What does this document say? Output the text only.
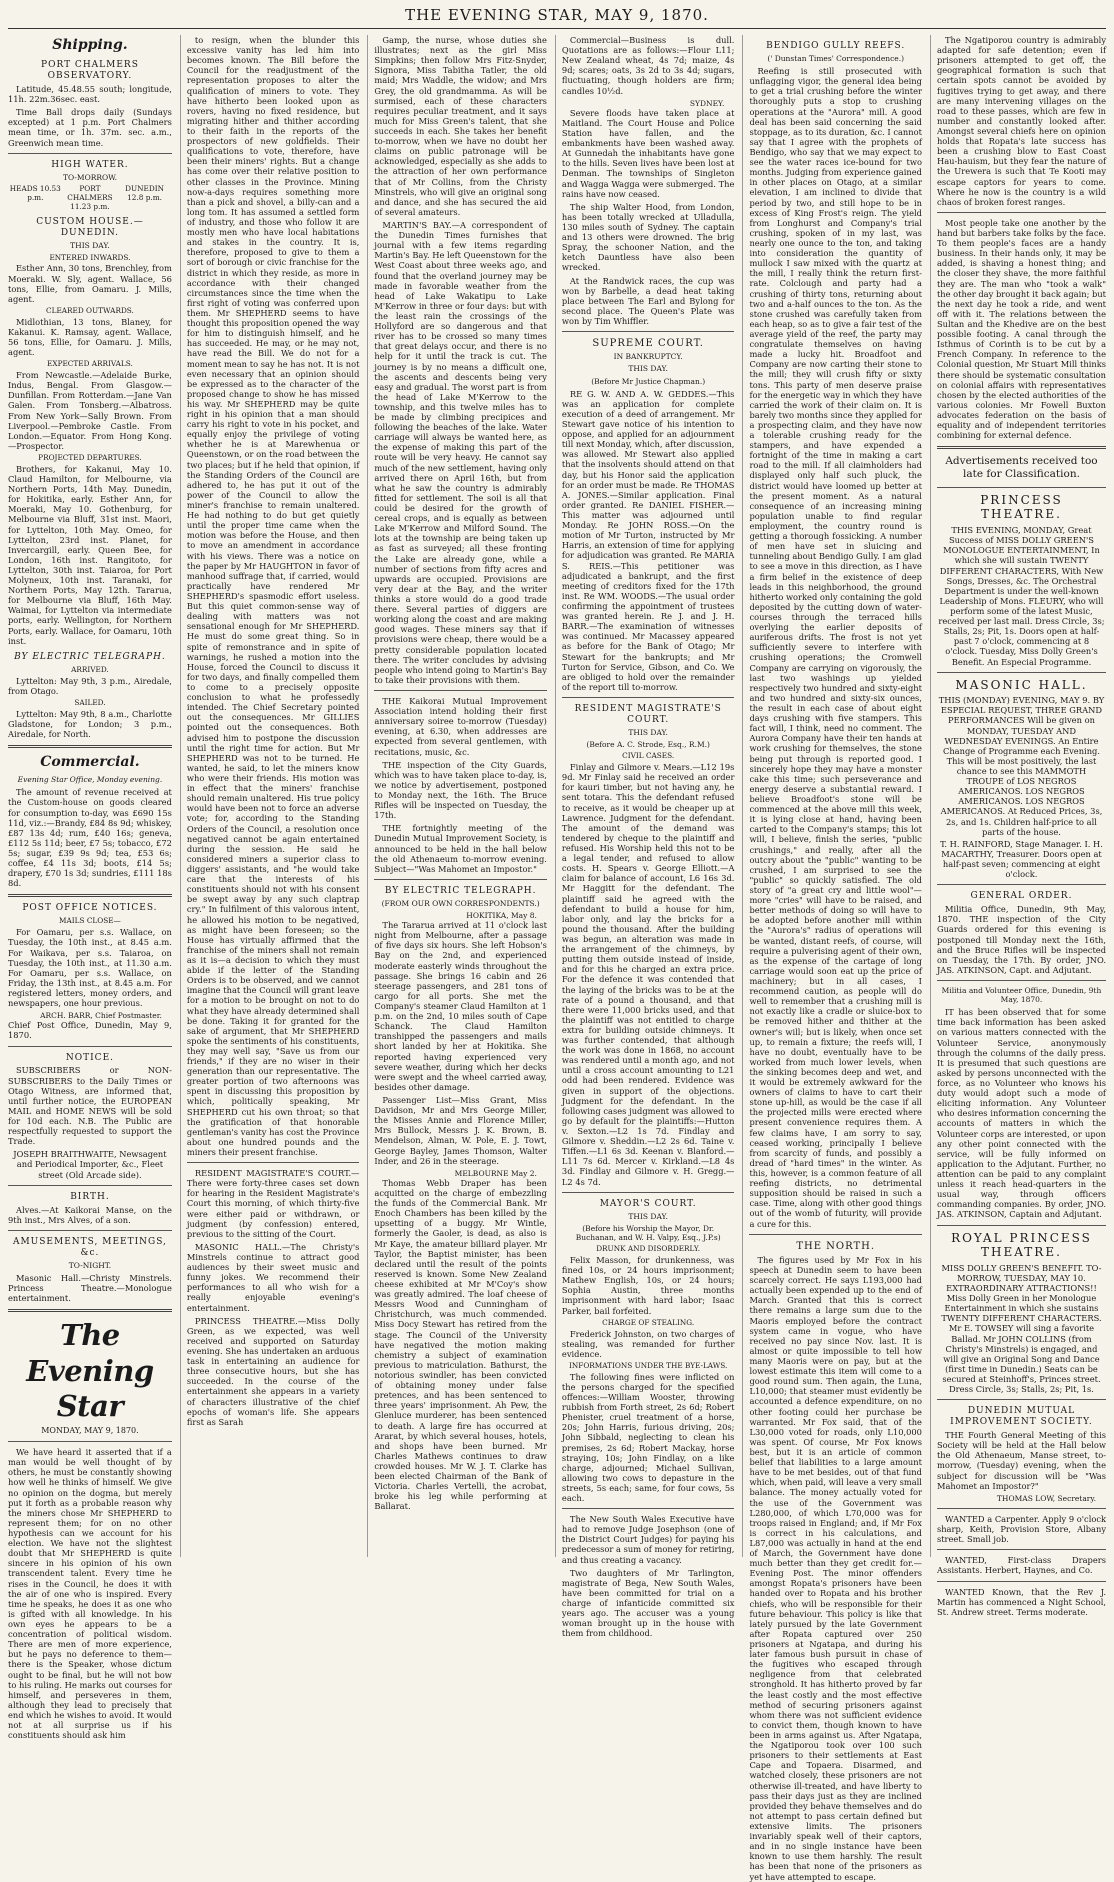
THE EVENING STAR, MAY 9, 1870.
Shipping.
PORT CHALMERS OBSERVATORY.

Latitude, 45.48.55 south; longitude, 11h. 22m.36sec. east.

Time Ball drops daily (Sundays excepted) at 1 p.m. Port Chalmers mean time, or 1h. 37m. sec. a.m., Greenwich mean time.

HIGH WATER.
TO-MORROW.
HEADS 10.53 p.m.
PORT CHALMERS 11.23 p.m.
DUNEDIN 12.8 p.m.
CUSTOM HOUSE.—DUNEDIN.
THIS DAY.
ENTERED INWARDS.

Esther Ann, 30 tons, Brenchley, from Moeraki. W. Sly, agent. Wallace, 56 tons, Ellie, from Oamaru. J. Mills, agent.

CLEARED OUTWARDS.

Midlothian, 13 tons, Blaney, for Kakanui. K. Ramsay, agent. Wallace, 56 tons, Ellie, for Oamaru. J. Mills, agent.

EXPECTED ARRIVALS.

From Newcastle.—Adelaide Burke, Indus, Bengal. From Glasgow.—Dunfillan. From Rotterdam.—Jane Van Galen. From Tonsberg.—Albatross. From New York—Sally Brown. From Liverpool.—Pembroke Castle. From London.—Equator. From Hong Kong.—Prospector.

PROJECTED DEPARTURES.

Brothers, for Kakanui, May 10. Claud Hamilton, for Melbourne, via Northern Ports, 14th May. Dunedin, for Hokitika, early. Esther Ann, for Moeraki, May 10. Gothenburg, for Melbourne via Bluff, 31st inst. Maori, for Lyttelton, 10th May. Omeo, for Lyttelton, 23rd inst. Planet, for Invercargill, early. Queen Bee, for London, 16th inst. Rangitoto, for Lyttelton, 30th inst. Taiaroa, for Port Molyneux, 10th inst. Taranaki, for Northern Ports, May 12th. Tararua, for Melbourne via Bluff, 16th May. Waimai, for Lyttelton via intermediate ports, early. Wellington, for Northern Ports, early. Wallace, for Oamaru, 10th inst.

BY ELECTRIC TELEGRAPH.
ARRIVED.

Lyttelton: May 9th, 3 p.m., Airedale, from Otago.

SAILED.

Lyttelton: May 9th, 8 a.m., Charlotte Gladstone, for London; 3 p.m., Airedale, for North.

Commercial.
Evening Star Office, Monday evening.

The amount of revenue received at the Custom-house on goods cleared for consumption to-day, was £690 15s 11d, viz.:—Brandy, £84 8s 9d; whiskey, £87 13s 4d; rum, £40 16s; geneva, £112 5s 11d; beer, £7 5s; tobacco, £72 5s; sugar, £39 9s 9d; tea, £53 6s; coffee, £4 11s 3d; boots, £14 5s; drapery, £70 1s 3d; sundries, £111 18s 8d.

POST OFFICE NOTICES.
MAILS CLOSE—

For Oamaru, per s.s. Wallace, on Tuesday, the 10th inst., at 8.45 a.m. For Waikava, per s.s. Taiaroa, on Tuesday, the 10th inst., at 11.30 a.m. For Oamaru, per s.s. Wallace, on Friday, the 13th inst., at 8.45 a.m. For registered letters, money orders, and newspapers, one hour previous.

ARCH. BARR, Chief Postmaster.

Chief Post Office, Dunedin, May 9, 1870.

NOTICE.

SUBSCRIBERS or NON-SUBSCRIBERS to the Daily Times or Otago Witness, are informed that, until further notice, the EUROPEAN MAIL and HOME NEWS will be sold for 10d each. N.B. The Public are respectfully requested to support the Trade.

JOSEPH BRAITHWAITE, Newsagent and Periodical Importer, &c., Fleet street (Old Arcade side).
BIRTH.

Alves.—At Kaikorai Manse, on the 9th inst., Mrs Alves, of a son.

AMUSEMENTS, MEETINGS, &c.
TO-NIGHT.

Masonic Hall.—Christy Minstrels. Princess Theatre.—Monologue entertainment.

The Evening Star
MONDAY, MAY 9, 1870.

We have heard it asserted that if a man would be well thought of by others, he must be constantly showing how well he thinks of himself. We give no opinion on the dogma, but merely put it forth as a probable reason why the miners chose Mr SHEPHERD to represent them; for on no other hypothesis can we account for his election. We have not the slightest doubt that Mr SHEPHERD is quite sincere in his opinion of his own transcendent talent. Every time he rises in the Council, he does it with the air of one who is inspired. Every time he speaks, he does it as one who is gifted with all knowledge. In his own eyes he appears to be a concentration of political wisdom. There are men of more experience, but he pays no deference to them—there is the Speaker, whose dictum ought to be final, but he will not bow to his ruling. He marks out courses for himself, and perseveres in them, although they lead to precisely that end which he wishes to avoid. It would not at all surprise us if his constituents should ask him

to resign, when the blunder this excessive vanity has led him into becomes known. The Bill before the Council for the readjustment of the representation proposes to alter the qualification of miners to vote. They have hitherto been looked upon as rovers, having no fixed residence, but migrating hither and thither according to their faith in the reports of the prospectors of new goldfields. Their qualifications to vote, therefore, have been their miners' rights. But a change has come over their relative position to other classes in the Province. Mining now-a-days requires something more than a pick and shovel, a billy-can and a long tom. It has assumed a settled form of industry, and those who follow it are mostly men who have local habitations and stakes in the country. It is, therefore, proposed to give to them a sort of borough or civic franchise for the district in which they reside, as more in accordance with their changed circumstances since the time when the first right of voting was conferred upon them. Mr SHEPHERD seems to have thought this proposition opened the way for him to distinguish himself, and he has succeeded. He may, or he may not, have read the Bill. We do not for a moment mean to say he has not. It is not even necessary that an opinion should be expressed as to the character of the proposed change to show he has missed his way. Mr SHEPHERD may be quite right in his opinion that a man should carry his right to vote in his pocket, and equally enjoy the privilege of voting whether he is at Marewhenua or Queenstown, or on the road between the two places; but if he held that opinion, if the Standing Orders of the Council are adhered to, he has put it out of the power of the Council to allow the miner's franchise to remain unaltered. He had nothing to do but get quietly until the proper time came when the motion was before the House, and then to move an amendment in accordance with his views. There was a notice on the paper by Mr HAUGHTON in favor of manhood suffrage that, if carried, would practically have rendered Mr SHEPHERD's spasmodic effort useless. But this quiet common-sense way of dealing with matters was not sensational enough for Mr SHEPHERD. He must do some great thing. So in spite of remonstrance and in spite of warnings, he rushed a motion into the House, forced the Council to discuss it for two days, and finally compelled them to come to a precisely opposite conclusion to what he professedly intended. The Chief Secretary pointed out the consequences. Mr GILLIES pointed out the consequences. Both advised him to postpone the discussion until the right time for action. But Mr SHEPHERD was not to be turned. He wanted, he said, to let the miners know who were their friends. His motion was in effect that the miners' franchise should remain unaltered. His true policy would have been not to force an adverse vote; for, according to the Standing Orders of the Council, a resolution once negatived cannot be again entertained during the session. He said he considered miners a superior class to diggers' assistants, and "he would take care that the interests of his constituents should not with his consent be swept away by any such claptrap cry." In fulfilment of this valorous intent, he allowed his motion to be negatived, as might have been foreseen; so the House has virtually affirmed that the franchise of the miners shall not remain as it is—a decision to which they must abide if the letter of the Standing Orders is to be observed, and we cannot imagine that the Council will grant leave for a motion to be brought on not to do what they have already determined shall be done. Taking it for granted for the sake of argument, that Mr SHEPHERD spoke the sentiments of his constituents, they may well say, "Save us from our friends," if they are no wiser in their generation than our representative. The greater portion of two afternoons was spent in discussing this proposition by which, politically speaking, Mr SHEPHERD cut his own throat; so that the gratification of that honorable gentleman's vanity has cost the Province about one hundred pounds and the miners their present franchise.

RESIDENT MAGISTRATE'S COURT.—There were forty-three cases set down for hearing in the Resident Magistrate's Court this morning, of which thirty-five were either paid or withdrawn, or judgment (by confession) entered, previous to the sitting of the Court.

MASONIC HALL.—The Christy's Minstrels continue to attract good audiences by their sweet music and funny jokes. We recommend their performances to all who wish for a really enjoyable evening's entertainment.

PRINCESS THEATRE.—Miss Dolly Green, as we expected, was well received and supported on Saturday evening. She has undertaken an arduous task in entertaining an audience for three consecutive hours, but she has succeeded. In the course of the entertainment she appears in a variety of characters illustrative of the chief epochs of woman's life. She appears first as Sarah

Gamp, the nurse, whose duties she illustrates; next as the girl Miss Simpkins; then follow Mrs Fitz-Snyder, Signora, Miss Tabitha Tatler, the old maid; Mrs Waddle, the widow; and Mrs Grey, the old grandmamma. As will be surmised, each of these characters requires peculiar treatment, and it says much for Miss Green's talent, that she succeeds in each. She takes her benefit to-morrow, when we have no doubt her claims on public patronage will be acknowledged, especially as she adds to the attraction of her own performance that of Mr Collins, from the Christy Minstrels, who will give an original song and dance, and she has secured the aid of several amateurs.

MARTIN'S BAY.—A correspondent of the Dunedin Times furnishes that journal with a few items regarding Martin's Bay. He left Queenstown for the West Coast about three weeks ago, and found that the overland journey may be made in favorable weather from the head of Lake Wakatipu to Lake M'Kerrow in three or four days: but with the least rain the crossings of the Hollyford are so dangerous and that river has to be crossed so many times that great delays occur, and there is no help for it until the track is cut. The journey is by no means a difficult one, the ascents and descents being very easy and gradual. The worst part is from the head of Lake M'Kerrow to the township, and this twelve miles has to be made by climbing precipices and following the beaches of the lake. Water carriage will always be wanted here, as the expense of making this part of the route will be very heavy. He cannot say much of the new settlement, having only arrived there on April 16th, but from what he saw the country is admirably fitted for settlement. The soil is all that could be desired for the growth of cereal crops, and is equally as between Lake M'Kerrow and Milford Sound. The lots at the township are being taken up as fast as surveyed; all these fronting the Lake are already gone, while a number of sections from fifty acres and upwards are occupied. Provisions are very dear at the Bay, and the writer thinks a store would do a good trade there. Several parties of diggers are working along the coast and are making good wages. These miners say that if provisions were cheap, there would be a pretty considerable population located there. The writer concludes by advising people who intend going to Martin's Bay to take their provisions with them.

THE Kaikorai Mutual Improvement Association intend holding their first anniversary soiree to-morrow (Tuesday) evening, at 6.30, when addresses are expected from several gentlemen, with recitations, music, &c.

THE inspection of the City Guards, which was to have taken place to-day, is, we notice by advertisement, postponed to Monday next, the 16th. The Bruce Rifles will be inspected on Tuesday, the 17th.

THE fortnightly meeting of the Dunedin Mutual Improvement Society, is announced to be held in the hall below the old Athenaeum to-morrow evening. Subject—"Was Mahomet an Impostor."

BY ELECTRIC TELEGRAPH.
(FROM OUR OWN CORRESPONDENTS.)
HOKITIKA, May 8.

The Tararua arrived at 11 o'clock last night from Melbourne, after a passage of five days six hours. She left Hobson's Bay on the 2nd, and experienced moderate easterly winds throughout the passage. She brings 16 cabin and 26 steerage passengers, and 281 tons of cargo for all ports. She met the Company's steamer Claud Hamilton at 1 p.m. on the 2nd, 10 miles south of Cape Schanck. The Claud Hamilton transhipped the passengers and mails short landed by her at Hokitika. She reported having experienced very severe weather, during which her decks were swept and the wheel carried away, besides other damage.

Passenger List—Miss Grant, Miss Davidson, Mr and Mrs George Miller, the Misses Annie and Florence Miller, Mrs Bullock, Messrs J. K. Brown, B. Mendelson, Alman, W. Pole, E. J. Towt, George Bayley, James Thomson, Walter Inder, and 26 in the steerage.

MELBOURNE May 2.

Thomas Webb Draper has been acquitted on the charge of embezzling the funds of the Commercial Bank. Mr Enoch Chambers has been killed by the upsetting of a buggy. Mr Wintle, formerly the Gaoler, is dead, as also is Mr Kaye, the amateur billiard player. Mr Taylor, the Baptist minister, has been declared until the result of the points reserved is known. Some New Zealand cheese exhibited at Mr M'Coy's show was greatly admired. The loaf cheese of Messrs Wood and Cunningham of Christchurch, was much commended. Miss Docy Stewart has retired from the stage. The Council of the University have negatived the motion making chemistry a subject of examination previous to matriculation. Bathurst, the notorious swindler, has been convicted of obtaining money under false pretences, and has been sentenced to three years' imprisonment. Ah Pew, the Glenluce murderer, has been sentenced to death. A large fire has occurred at Ararat, by which several houses, hotels, and shops have been burned. Mr Charles Mathews continues to draw crowded houses. Mr W. J. T. Clarke has been elected Chairman of the Bank of Victoria. Charles Vertelli, the acrobat, broke his leg while performing at Ballarat.

Commercial—Business is dull. Quotations are as follows:—Flour L11; New Zealand wheat, 4s 7d; maize, 4s 9d; scares; oats, 3s 2d to 3s 4d; sugars, fluctuating, though holders are firm; candles 10½d.

SYDNEY.

Severe floods have taken place at Maitland. The Court House and Police Station have fallen, and the embankments have been washed away. At Gunnedah the inhabitants have gone to the hills. Seven lives have been lost at Denman. The townships of Singleton and Wagga Wagga were submerged. The rains have now ceased.

The ship Walter Hood, from London, has been totally wrecked at Ulladulla, 130 miles south of Sydney. The captain and 13 others were drowned. The brig Spray, the schooner Nation, and the ketch Dauntless have also been wrecked.

At the Randwick races, the cup was won by Barbelle, a dead heat taking place between The Earl and Bylong for second place. The Queen's Plate was won by Tim Whiffler.

SUPREME COURT.
IN BANKRUPTCY.
THIS DAY.
(Before Mr Justice Chapman.)

RE G. W. AND A. W. GEDDES.—This was an application for complete execution of a deed of arrangement. Mr Stewart gave notice of his intention to oppose, and applied for an adjournment till next Monday, which, after discussion, was allowed. Mr Stewart also applied that the insolvents should attend on that day, but his Honor said the application for an order must be made. Re THOMAS A. JONES.—Similar application. Final order granted. Re DANIEL FISHER.—This matter was adjourned until Monday. Re JOHN ROSS.—On the motion of Mr Turton, instructed by Mr Harris, an extension of time for applying for adjudication was granted. Re MARIA S. REIS.—This petitioner was adjudicated a bankrupt, and the first meeting of creditors fixed for the 17th inst. Re WM. WOODS.—The usual order confirming the appointment of trustees was granted herein. Re J. and J. H. BARR.—The examination of witnesses was continued. Mr Macassey appeared as before for the Bank of Otago; Mr Stewart for the bankrupts; and Mr Turton for Service, Gibson, and Co. We are obliged to hold over the remainder of the report till to-morrow.

RESIDENT MAGISTRATE'S COURT.
THIS DAY.
(Before A. C. Strode, Esq., R.M.)
CIVIL CASES.

Finlay and Gilmore v. Mears.—L12 19s 9d. Mr Finlay said he received an order for kauri timber, but not having any, he sent totara. This the defendant refused to receive, as it would be cheaper up at Lawrence. Judgment for the defendant. The amount of the demand was tendered by cheque to the plaintiff and refused. His Worship held this not to be a legal tender, and refused to allow costs. H. Spears v. George Elliott.—A claim for balance of account, L6 16s 3d. Mr Haggitt for the defendant. The plaintiff said he agreed with the defendant to build a house for him, labor only, and lay the bricks for a pound the thousand. After the building was begun, an alteration was made in the arrangement of the chimneys, by putting them outside instead of inside, and for this he charged an extra price. For the defence it was contended that the laying of the bricks was to be at the rate of a pound a thousand, and that there were 11,000 bricks used, and that the plaintiff was not entitled to charge extra for building outside chimneys. It was further contended, that although the work was done in 1868, no account was rendered until a month ago, and not until a cross account amounting to L21 odd had been rendered. Evidence was given in support of the objections. Judgment for the defendant. In the following cases judgment was allowed to go by default for the plaintiffs:—Hutton v. Sexton.—L2 1s 7d. Findlay and Gilmore v. Sheddin.—L2 2s 6d. Taine v. Tiffen.—L1 6s 3d. Keenan v. Blanford.—L11 7s 6d. Mercer v. Kirkland.—L8 4s 3d. Findlay and Gilmore v. H. Gregg.—L2 4s 7d.

MAYOR'S COURT.
THIS DAY.
(Before his Worship the Mayor, Dr. Buchanan, and W. H. Valpy, Esq., J.P.s)
DRUNK AND DISORDERLY.

Felix Masson, for drunkenness, was fined 10s, or 24 hours imprisonment; Mathew English, 10s, or 24 hours; Sophia Austin, three months imprisonment with hard labor; Isaac Parker, bail forfeited.

CHARGE OF STEALING.

Frederick Johnston, on two charges of stealing, was remanded for further evidence.

INFORMATIONS UNDER THE BYE-LAWS.

The following fines were inflicted on the persons charged for the specified offences:—William Wooster, throwing rubbish from Forth street, 2s 6d; Robert Phenister, cruel treatment of a horse, 20s; John Harris, furious driving, 20s; John Sibbald, neglecting to clean his premises, 2s 6d; Robert Mackay, horse straying, 10s; John Findlay, on a like charge, adjourned; Michael Sullivan, allowing two cows to depasture in the streets, 5s each; same, for four cows, 5s each.

The New South Wales Executive have had to remove Judge Josephson (one of the District Court Judges) for paying his predecessor a sum of money for retiring, and thus creating a vacancy.

Two daughters of Mr Tarlington, magistrate of Bega, New South Wales, have been committed for trial on a charge of infanticide committed six years ago. The accuser was a young woman brought up in the house with them from childhood.

BENDIGO GULLY REEFS.
(' Dunstan Times' Correspondence.)

Reefing is still prosecuted with unflagging vigor, the general idea being to get a trial crushing before the winter thoroughly puts a stop to crushing operations at the "Aurora" mill. A good deal has been said concerning the said stoppage, as to its duration, &c. I cannot say that I agree with the prophets of Bendigo, who say that we may expect to see the water races ice-bound for two months. Judging from experience gained in other places on Otago, at a similar elevation, I am inclined to divide that period by two, and still hope to be in excess of King Frost's reign. The yield from Longhurst and Company's trial crushing, spoken of in my last, was nearly one ounce to the ton, and taking into consideration the quantity of mullock I saw mixed with the quartz at the mill, I really think the return first-rate. Colclough and party had a crushing of thirty tons, returning about two and a-half ounces to the ton. As the stone crushed was carefully taken from each heap, so as to give a fair test of the average yield of the reef, the party may congratulate themselves on having made a lucky hit. Broadfoot and Company are now carting their stone to the mill; they will crush fifty or sixty tons. This party of men deserve praise for the energetic way in which they have carried the work of their claim on. It is barely two months since they applied for a prospecting claim, and they have now a tolerable crushing ready for the stampers, and have expended a fortnight of the time in making a cart road to the mill. If all claimholders had displayed only half such pluck, the district would have loomed up better at the present moment. As a natural consequence of an increasing mining population unable to find regular employment, the country round is getting a thorough fossicking. A number of men have set in sluicing and tunneling about Bendigo Gully. I am glad to see a move in this direction, as I have a firm belief in the existence of deep leads in this neighborhood, the ground hitherto worked only containing the gold deposited by the cutting down of water-courses through the terraced hills overlying the earlier deposits of auriferous drifts. The frost is not yet sufficiently severe to interfere with crushing operations; the Cromwell Company are carrying on vigorously, the last two washings up yielded respectively two hundred and sixty-eight and two hundred and sixty-six ounces, the result in each case of about eight days crushing with five stampers. This fact will, I think, need no comment. The Aurora Company have their ten hands at work crushing for themselves, the stone being put through is reported good. I sincerely hope they may have a monster cake this time; such perseverance and energy deserve a substantial reward. I believe Broadfoot's stone will be commenced at the above mill this week, it is lying close at hand, having been carted to the Company's stamps; this lot will, I believe, finish the series, "public crushings," and really, after all the outcry about the "public" wanting to be crushed, I am surprised to see the "public" so quickly satisfied. The old story of "a great cry and little wool"—more "cries" will have to be raised, and better methods of doing so will have to be adopted before another mill within the "Aurora's" radius of operations will be wanted, distant reefs, of course, will require a pulverising agent of their own, as the expense of the cartage of long carriage would soon eat up the price of machinery; but in all cases, I recommend caution, as people will do well to remember that a crushing mill is not exactly like a cradle or sluice-box to be removed hither and thither at the owner's will; but is likely, when once set up, to remain a fixture; the reefs will, I have no doubt, eventually have to be worked from much lower levels, when the sinking becomes deep and wet, and it would be extremely awkward for the owners of claims to have to cart their stone up-hill, as would be the case if all the projected mills were erected where present convenience requires them. A few claims have, I am sorry to say, ceased working, principally I believe from scarcity of funds, and possibly a dread of "hard times" in the winter. As this, however, is a common feature of all reefing districts, no detrimental supposition should be raised in such a case. Time, along with other good things out of the womb of futurity, will provide a cure for this.

THE NORTH.

The figures used by Mr Fox in his speech at Dunedin seem to have been scarcely correct. He says L193,000 had actually been expended up to the end of March. Granted that this is correct there remains a large sum due to the Maoris employed before the contract system came in vogue, who have received no pay since Nov. last. It is almost or quite impossible to tell how many Maoris were on pay, but at the lowest estimate this item will come to a good round sum. Then again, the Luna, L10,000; that steamer must evidently be accounted a defence expenditure, on no other footing could her purchase be warranted. Mr Fox said, that of the L30,000 voted for roads, only L10,000 was spent. Of course, Mr Fox knows best, but it is an article of common belief that liabilities to a large amount have to be met besides, out of that fund which, when paid, will leave a very small balance. The money actually voted for the use of the Government was L280,000, of which L70,000 was for troops raised in England; and, if Mr Fox is correct in his calculations, and L87,000 was actually in hand at the end of March, the Government have done much better than they get credit for.—Evening Post. The minor offenders amongst Ropata's prisoners have been handed over to Ropata and his brother chiefs, who will be responsible for their future behaviour. This policy is like that lately pursued by the late Government after Ropata captured over 250 prisoners at Ngatapa, and during his later famous bush pursuit in chase of the fugitives who escaped through negligence from that celebrated stronghold. It has hitherto proved by far the least costly and the most effective method of securing prisoners against whom there was not sufficient evidence to convict them, though known to have been in arms against us. After Ngatapa, the Ngatiporou took over 100 such prisoners to their settlements at East Cape and Topaera. Disarmed, and watched closely, these prisoners are not otherwise ill-treated, and have liberty to pass their days just as they are inclined provided they behave themselves and do not attempt to pass certain defined but extensive limits. The prisoners invariably speak well of their captors, and in no single instance have been known to use them harshly. The result has been that none of the prisoners as yet have attempted to escape.

The Ngatiporou country is admirably adapted for safe detention; even if prisoners attempted to get off, the geographical formation is such that certain spots cannot be avoided by fugitives trying to get away, and there are many intervening villages on the road to these passes, which are few in number and constantly looked after. Amongst several chiefs here on opinion holds that Ropata's late success has been a crushing blow to East Coast Hau-hauism, but they fear the nature of the Urewera is such that Te Kooti may escape captors for years to come. Where he now is the country is a wild chaos of broken forest ranges.

Most people take one another by the hand but barbers take folks by the face. To them people's faces are a handy business. In their hands only, it may be added, is shaving a honest thing; and the closer they shave, the more faithful they are. The man who "took a walk" the other day brought it back again; but the next day he took a ride, and went off with it. The relations between the Sultan and the Khedive are on the best possible footing. A canal through the Isthmus of Corinth is to be cut by a French Company. In reference to the Colonial question, Mr Stuart Mill thinks there should be systematic consultation on colonial affairs with representatives chosen by the elected authorities of the various colonies. Mr Fowell Buxton advocates federation on the basis of equality and of independent territories combining for external defence.

Advertisements received too late for Classification.
PRINCESS THEATRE.
THIS EVENING, MONDAY, Great Success of MISS DOLLY GREEN'S MONOLOGUE ENTERTAINMENT, In which she will sustain TWENTY DIFFERENT CHARACTERS, With New Songs, Dresses, &c. The Orchestral Department is under the well-known Leadership of Mons. FLEURY, who will perform some of the latest Music, received per last mail. Dress Circle, 3s; Stalls, 2s; Pit, 1s. Doors open at half-past 7 o'clock, commencing at 8 o'clock. Tuesday, Miss Dolly Green's Benefit. An Especial Programme.
MASONIC HALL.
THIS (MONDAY) EVENING, MAY 9. BY ESPECIAL REQUEST, THREE GRAND PERFORMANCES Will be given on MONDAY, TUESDAY AND WEDNESDAY EVENINGS. An Entire Change of Programme each Evening. This will be most positively, the last chance to see this MAMMOTH TROUPE of LOS NEGROS AMERICANOS. LOS NEGROS AMERICANOS. LOS NEGROS AMERICANOS. At Reduced Prices, 3s, 2s, and 1s. Children half-price to all parts of the house.
T. H. RAINFORD, Stage Manager. I. H. MACARTHY, Treasurer. Doors open at half-past seven; commencing at eight o'clock.
GENERAL ORDER.

Militia Office, Dunedin, 9th May, 1870. THE inspection of the City Guards ordered for this evening is postponed till Monday next the 16th, and the Bruce Rifles will be inspected on Tuesday, the 17th. By order, JNO. JAS. ATKINSON, Capt. and Adjutant.

Militia and Volunteer Office, Dunedin, 9th May, 1870.

IT has been observed that for some time back information has been asked on various matters connected with the Volunteer Service, anonymously through the columns of the daily press. It is presumed that such questions are asked by persons unconnected with the force, as no Volunteer who knows his duty would adopt such a mode of eliciting information. Any Volunteer who desires information concerning the accounts of matters in which the Volunteer corps are interested, or upon any other point connected with the service, will be fully informed on application to the Adjutant. Further, no attention can be paid to any complaint unless it reach head-quarters in the usual way, through officers commanding companies. By order, JNO. JAS. ATKINSON, Captain and Adjutant.

ROYAL PRINCESS THEATRE.
MISS DOLLY GREEN'S BENEFIT. TO-MORROW, TUESDAY, MAY 10. EXTRAORDINARY ATTRACTIONS!! Miss Dolly Green in her Monologue Entertainment in which she sustains TWENTY DIFFERENT CHARACTERS. Mr E. TOWSEY will sing a favorite Ballad. Mr JOHN COLLINS (from Christy's Minstrels) is engaged, and will give an Original Song and Dance (first time in Dunedin.) Seats can be secured at Steinhoff's, Princes street. Dress Circle, 3s; Stalls, 2s; Pit, 1s.
DUNEDIN MUTUAL IMPROVEMENT SOCIETY.

THE Fourth General Meeting of this Society will be held at the Hall below the Old Athenaeum, Manse street, to-morrow, (Tuesday) evening, when the subject for discussion will be "Was Mahomet an Impostor?"

THOMAS LOW, Secretary.

WANTED a Carpenter. Apply 9 o'clock sharp, Keith, Provision Store, Albany street. Small job.

WANTED, First-class Drapers Assistants. Herbert, Haynes, and Co.

WANTED Known, that the Rev J. Martin has commenced a Night School, St. Andrew street. Terms moderate.
